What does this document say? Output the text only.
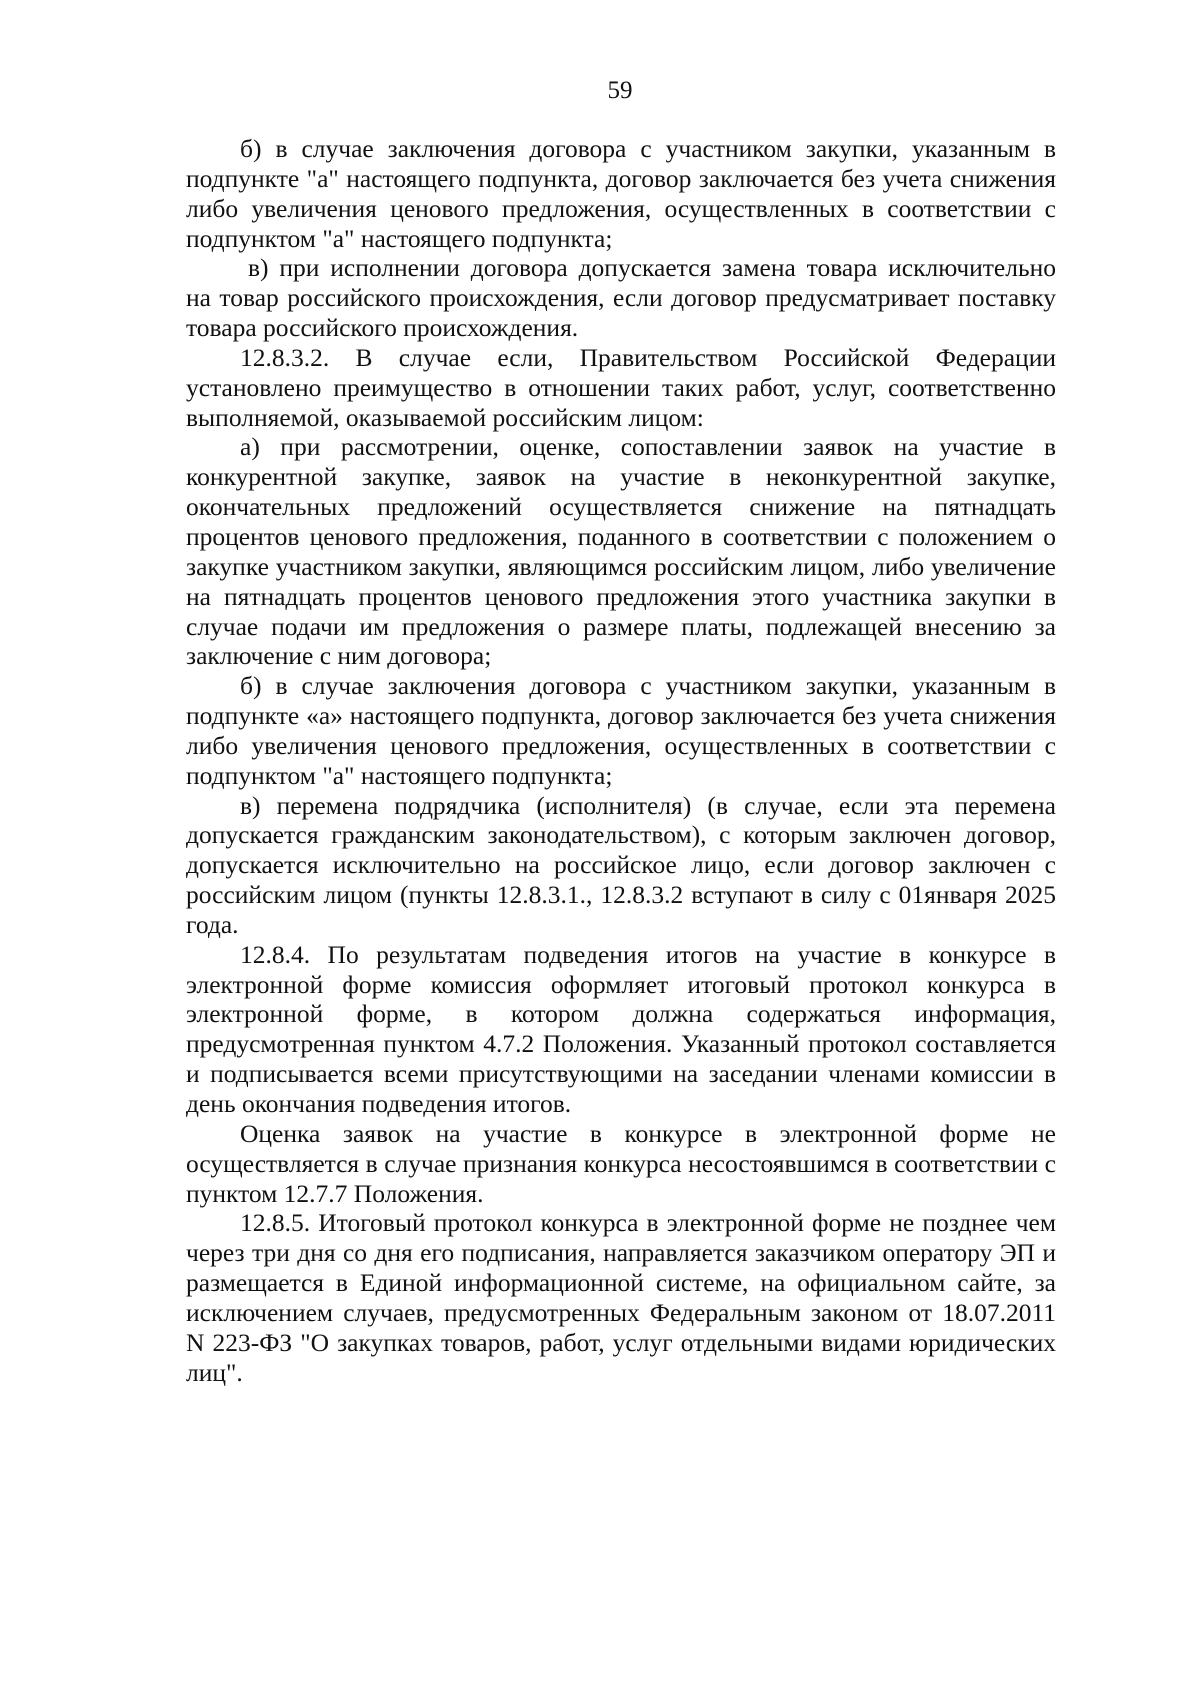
59

б) в случае заключения договора с участником закупки, указанным в подпункте "а" настоящего подпункта, договор заключается без учета снижения либо увеличения ценового предложения, осуществленных в соответствии с подпунктом "а" настоящего подпункта;

в) при исполнении договора допускается замена товара исключительно на товар российского происхождения, если договор предусматривает поставку товара российского происхождения.

12.8.3.2. В случае если, Правительством Российской Федерации установлено преимущество в отношении таких работ, услуг, соответственно выполняемой, оказываемой российским лицом:

а) при рассмотрении, оценке, сопоставлении заявок на участие в конкурентной закупке, заявок на участие в неконкурентной закупке, окончательных предложений осуществляется снижение на пятнадцать процентов ценового предложения, поданного в соответствии с положением о закупке участником закупки, являющимся российским лицом, либо увеличение на пятнадцать процентов ценового предложения этого участника закупки в случае подачи им предложения о размере платы, подлежащей внесению за заключение с ним договора;

б) в случае заключения договора с участником закупки, указанным в подпункте «а» настоящего подпункта, договор заключается без учета снижения либо увеличения ценового предложения, осуществленных в соответствии с подпунктом "а" настоящего подпункта;

в) перемена подрядчика (исполнителя) (в случае, если эта перемена допускается гражданским законодательством), с которым заключен договор, допускается исключительно на российское лицо, если договор заключен с российским лицом (пункты 12.8.3.1., 12.8.3.2 вступают в силу с 01января 2025 года.

12.8.4. По результатам подведения итогов на участие в конкурсе в электронной форме комиссия оформляет итоговый протокол конкурса в электронной форме, в котором должна содержаться информация, предусмотренная пунктом 4.7.2 Положения. Указанный протокол составляется и подписывается всеми присутствующими на заседании членами комиссии в день окончания подведения итогов.

Оценка заявок на участие в конкурсе в электронной форме не осуществляется в случае признания конкурса несостоявшимся в соответствии с пунктом 12.7.7 Положения.

12.8.5. Итоговый протокол конкурса в электронной форме не позднее чем через три дня со дня его подписания, направляется заказчиком оператору ЭП и размещается в Единой информационной системе, на официальном сайте, за исключением случаев, предусмотренных Федеральным законом от 18.07.2011 N 223-ФЗ "О закупках товаров, работ, услуг отдельными видами юридических лиц".
